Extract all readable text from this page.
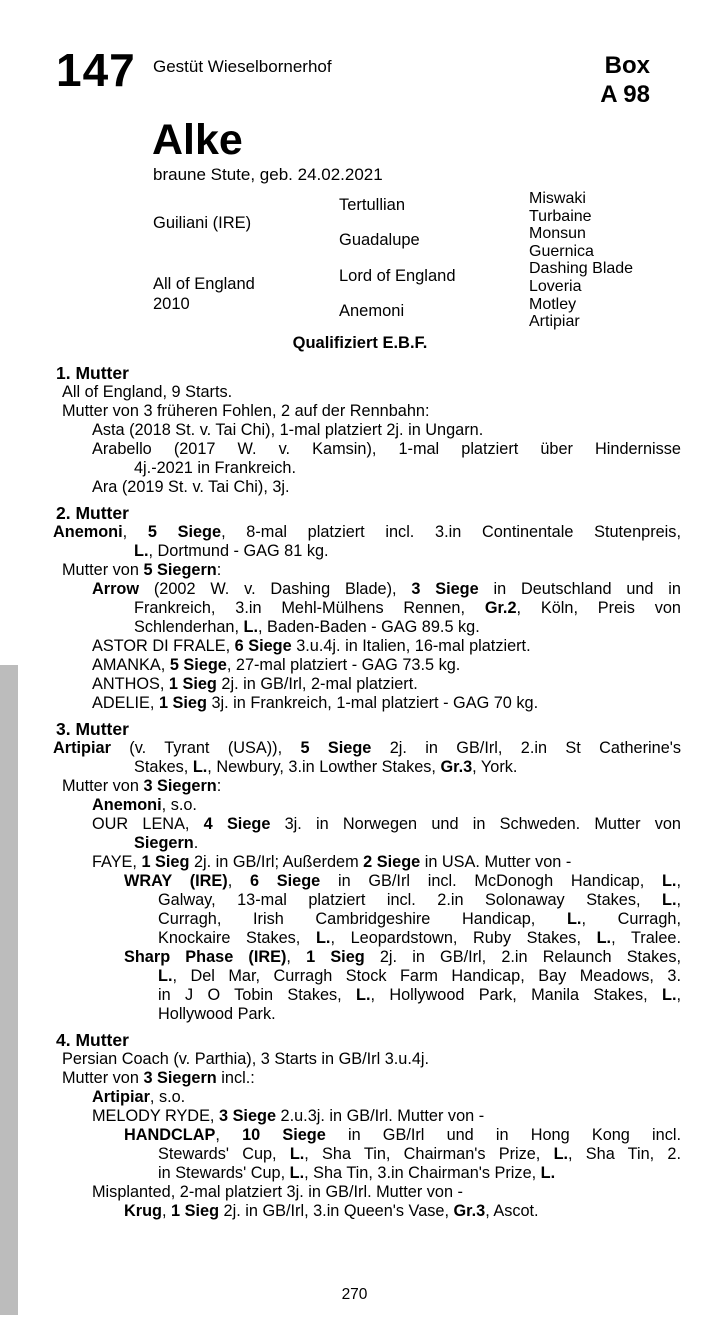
147 Gestüt Wieselbornerhof	Box
A 98
Alke
braune Stute, geb. 24.02.2021
Guiliani (IRE)
All of England
2010
Tertullian
Guadalupe
Lord of England
Anemoni
Miswaki
Turbaine
Monsun
Guernica
Dashing Blade
Loveria
Motley
Artipiar
Qualifiziert E.B.F.
1. Mutter
All of England, 9 Starts.
Mutter von 3 früheren Fohlen, 2 auf der Rennbahn:
Asta (2018 St. v. Tai Chi), 1-mal platziert 2j. in Ungarn.
Arabello (2017 W. v. Kamsin), 1-mal platziert über Hindernisse
4j.-2021 in Frankreich.
Ara (2019 St. v. Tai Chi), 3j.
2. Mutter
Anemoni, 5 Siege, 8-mal platziert incl. 3.in Continentale Stutenpreis,
L., Dortmund - GAG 81 kg.
Mutter von 5 Siegern:
Arrow (2002 W. v. Dashing Blade), 3 Siege in Deutschland und in
Frankreich, 3.in Mehl-Mülhens Rennen, Gr.2, Köln, Preis von
Schlenderhan, L., Baden-Baden - GAG 89.5 kg.
ASTOR DI FRALE, 6 Siege 3.u.4j. in Italien, 16-mal platziert.
AMANKA, 5 Siege, 27-mal platziert - GAG 73.5 kg.
ANTHOS, 1 Sieg 2j. in GB/Irl, 2-mal platziert.
ADELIE, 1 Sieg 3j. in Frankreich, 1-mal platziert - GAG 70 kg.
3. Mutter
Artipiar (v. Tyrant (USA)), 5 Siege 2j. in GB/Irl, 2.in St Catherine's
Stakes, L., Newbury, 3.in Lowther Stakes, Gr.3, York.
Mutter von 3 Siegern:
Anemoni, s.o.
OUR LENA, 4 Siege 3j. in Norwegen und in Schweden. Mutter von
Siegern.
FAYE, 1 Sieg 2j. in GB/Irl; Außerdem 2 Siege in USA. Mutter von -
WRAY (IRE), 6 Siege in GB/Irl incl. McDonogh Handicap, L.,
Galway, 13-mal platziert incl. 2.in Solonaway Stakes, L.,
Curragh, Irish Cambridgeshire Handicap, L., Curragh,
Knockaire Stakes, L., Leopardstown, Ruby Stakes, L., Tralee.
Sharp Phase (IRE), 1 Sieg 2j. in GB/Irl, 2.in Relaunch Stakes,
L., Del Mar, Curragh Stock Farm Handicap, Bay Meadows, 3.
in J O Tobin Stakes, L., Hollywood Park, Manila Stakes, L.,
Hollywood Park.
4. Mutter
Persian Coach (v. Parthia), 3 Starts in GB/Irl 3.u.4j.
Mutter von 3 Siegern incl.:
Artipiar, s.o.
MELODY RYDE, 3 Siege 2.u.3j. in GB/Irl. Mutter von -
HANDCLAP, 10 Siege in GB/Irl und in Hong Kong incl.
Stewards' Cup, L., Sha Tin, Chairman's Prize, L., Sha Tin, 2.
in Stewards' Cup, L., Sha Tin, 3.in Chairman's Prize, L.
Misplanted, 2-mal platziert 3j. in GB/Irl. Mutter von -
Krug, 1 Sieg 2j. in GB/Irl, 3.in Queen's Vase, Gr.3, Ascot.
270
